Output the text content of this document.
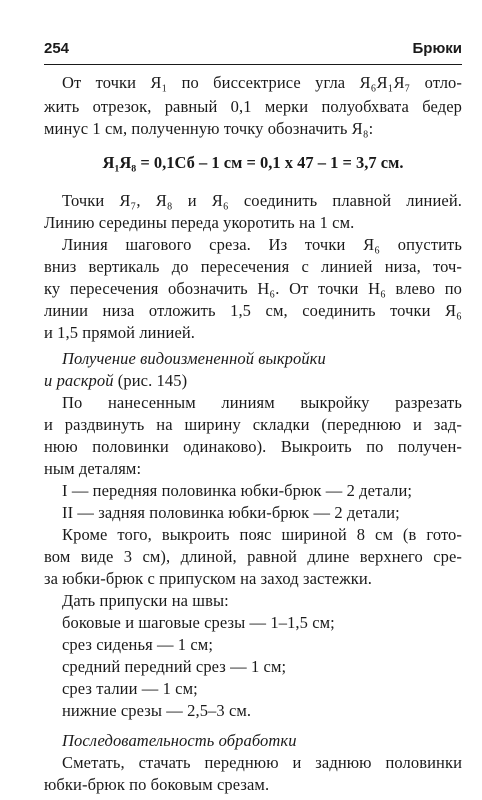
254	Брюки
От точки Я₁ по биссектрисе угла Я₆Я₁Я₇ отло-
жить отрезок, равный 0,1 мерки полуобхвата бедер
минус 1 см, полученную точку обозначить Я₈:
Я₁Я₈ = 0,1Сб – 1 см = 0,1 x 47 – 1 = 3,7 см.
Точки Я₇, Я₈ и Я₆ соединить плавной линией.
Линию середины переда укоротить на 1 см.
Линия шагового среза. Из точки Я₆ опустить
вниз вертикаль до пересечения с линией низа, точ-
ку пересечения обозначить Н₆. От точки Н₆ влево по
линии низа отложить 1,5 см, соединить точки Я₆
и 1,5 прямой линией.
Получение видоизмененной выкройки
и раскрой (рис. 145)
По нанесенным линиям выкройку разрезать
и раздвинуть на ширину складки (переднюю и зад-
нюю половинки одинаково). Выкроить по получен-
ным деталям:
I — передняя половинка юбки-брюк — 2 детали;
II — задняя половинка юбки-брюк — 2 детали;
Кроме того, выкроить пояс шириной 8 см (в гото-
вом виде 3 см), длиной, равной длине верхнего сре-
за юбки-брюк с припуском на заход застежки.
Дать припуски на швы:
боковые и шаговые срезы — 1–1,5 см;
срез сиденья — 1 см;
средний передний срез — 1 см;
срез талии — 1 см;
нижние срезы — 2,5–3 см.
Последовательность обработки
Сметать, стачать переднюю и заднюю половинки
юбки-брюк по боковым срезам.
